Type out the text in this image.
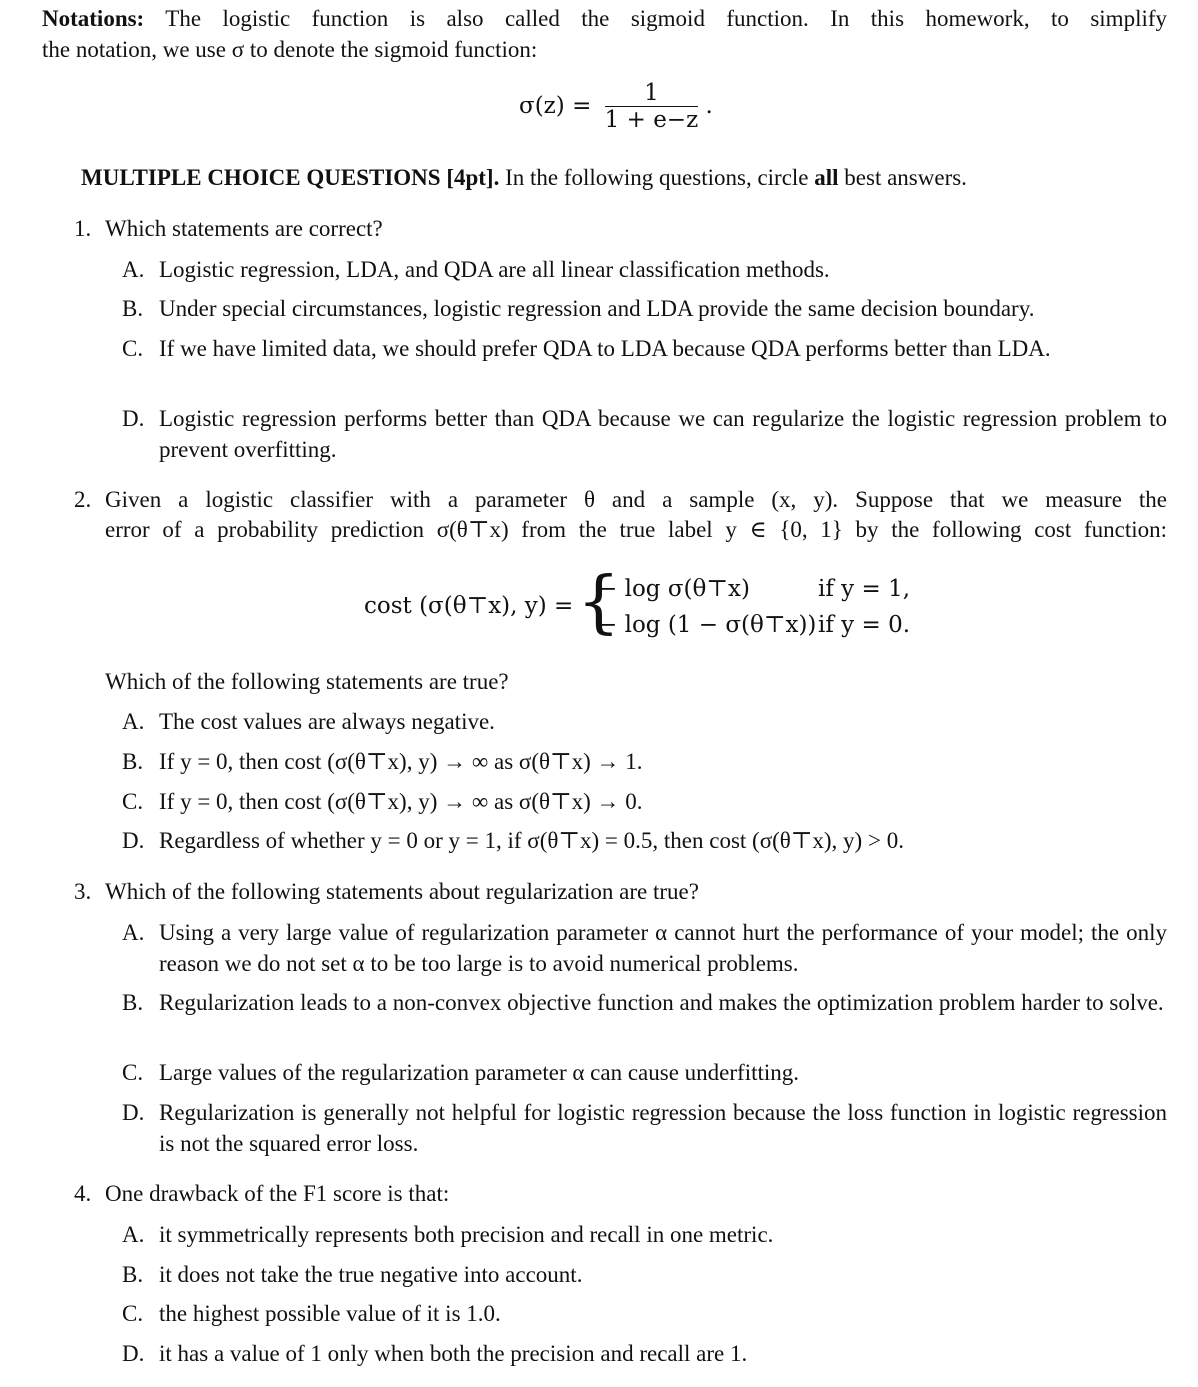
Notations: The logistic function is also called the sigmoid function. In this homework, to simplify
the notation, we use σ to denote the sigmoid function:
$\sigma(z) = \frac{1}{1 + e-z}$ .
MULTIPLE CHOICE QUESTIONS [4pt]. In the following questions, circle all best answers.
1. Which statements are correct?
A. Logistic regression, LDA, and QDA are all linear classification methods.
B. Under special circumstances, logistic regression and LDA provide the same decision boundary.
C. If we have limited data, we should prefer QDA to LDA because QDA performs better than LDA.
D. Logistic regression performs better than QDA because we can regularize the logistic regression problem to prevent overfitting.
2. Given a logistic classifier with a parameter θ and a sample (x, y). Suppose that we measure the
error of a probability prediction σ(θ⊤x) from the true label y ∈ {0, 1} by the following cost function:
cost (σ(θ⊤x), y) = {
− log σ(θ⊤x)	if y = 1,
− log (1 − σ(θ⊤x)) if y = 0.
Which of the following statements are true?
A. The cost values are always negative.
B. If y = 0, then cost (σ(θ⊤x), y) → ∞ as σ(θ⊤x) → 1.
C. If y = 0, then cost (σ(θ⊤x), y) → ∞ as σ(θ⊤x) → 0.
D. Regardless of whether y = 0 or y = 1, if σ(θ⊤x) = 0.5, then cost (σ(θ⊤x), y) > 0.
3. Which of the following statements about regularization are true?
A. Using a very large value of regularization parameter α cannot hurt the performance of your model; the only reason we do not set α to be too large is to avoid numerical problems.
B. Regularization leads to a non-convex objective function and makes the optimization problem harder to solve.
C. Large values of the regularization parameter α can cause underfitting.
D. Regularization is generally not helpful for logistic regression because the loss function in logistic regression is not the squared error loss.
4. One drawback of the F1 score is that:
A. it symmetrically represents both precision and recall in one metric.
B. it does not take the true negative into account.
C. the highest possible value of it is 1.0.
D. it has a value of 1 only when both the precision and recall are 1.
